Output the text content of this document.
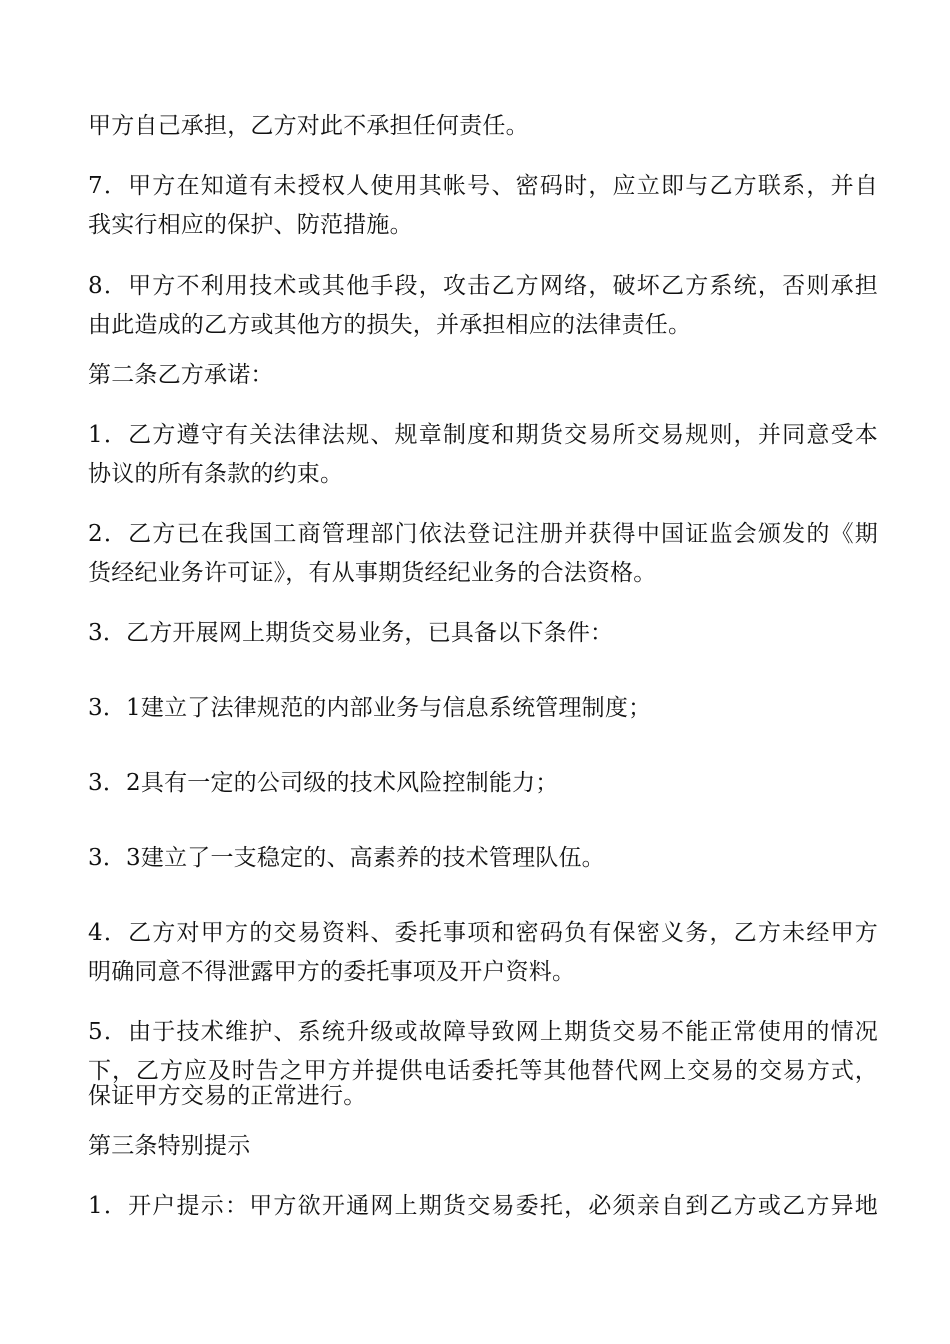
甲方自己承担，乙方对此不承担任何责任。
7．甲方在知道有未授权人使用其帐号、密码时，应立即与乙方联系，并自
我实行相应的保护、防范措施。
8．甲方不利用技术或其他手段，攻击乙方网络，破坏乙方系统，否则承担
由此造成的乙方或其他方的损失，并承担相应的法律责任。
第二条乙方承诺：
1．乙方遵守有关法律法规、规章制度和期货交易所交易规则，并同意受本
协议的所有条款的约束。
2．乙方已在我国工商管理部门依法登记注册并获得中国证监会颁发的《期
货经纪业务许可证》，有从事期货经纪业务的合法资格。
3．乙方开展网上期货交易业务，已具备以下条件：
3．1建立了法律规范的内部业务与信息系统管理制度；
3．2具有一定的公司级的技术风险控制能力；
3．3建立了一支稳定的、高素养的技术管理队伍。
4．乙方对甲方的交易资料、委托事项和密码负有保密义务，乙方未经甲方
明确同意不得泄露甲方的委托事项及开户资料。
5．由于技术维护、系统升级或故障导致网上期货交易不能正常使用的情况
下，乙方应及时告之甲方并提供电话委托等其他替代网上交易的交易方式，
保证甲方交易的正常进行。
第三条特别提示
1．开户提示：甲方欲开通网上期货交易委托，必须亲自到乙方或乙方异地
